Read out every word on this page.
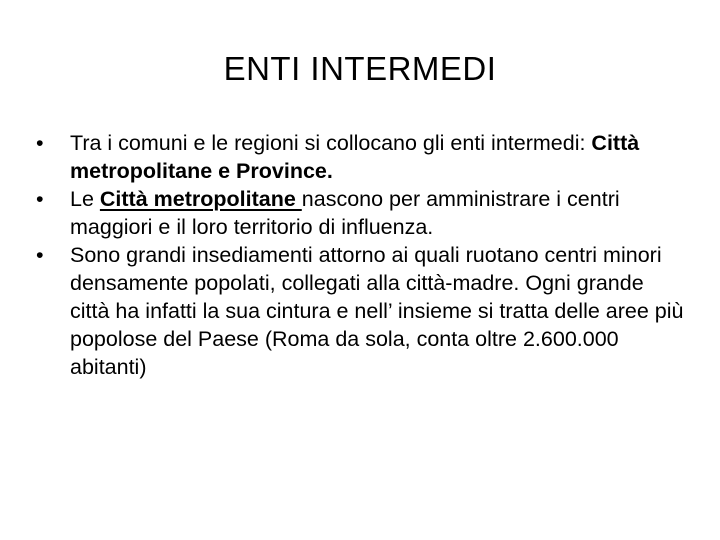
ENTI INTERMEDI
•	Tra i comuni e le regioni si collocano gli enti intermedi: Città metropolitane e Province.
•	Le Città metropolitane nascono per amministrare i centri maggiori e il loro territorio di influenza.
•	Sono grandi insediamenti attorno ai quali ruotano centri minori densamente popolati, collegati alla città-madre. Ogni grande città ha infatti la sua cintura e nell’ insieme si tratta delle aree più popolose del Paese (Roma da sola, conta oltre 2.600.000 abitanti)
